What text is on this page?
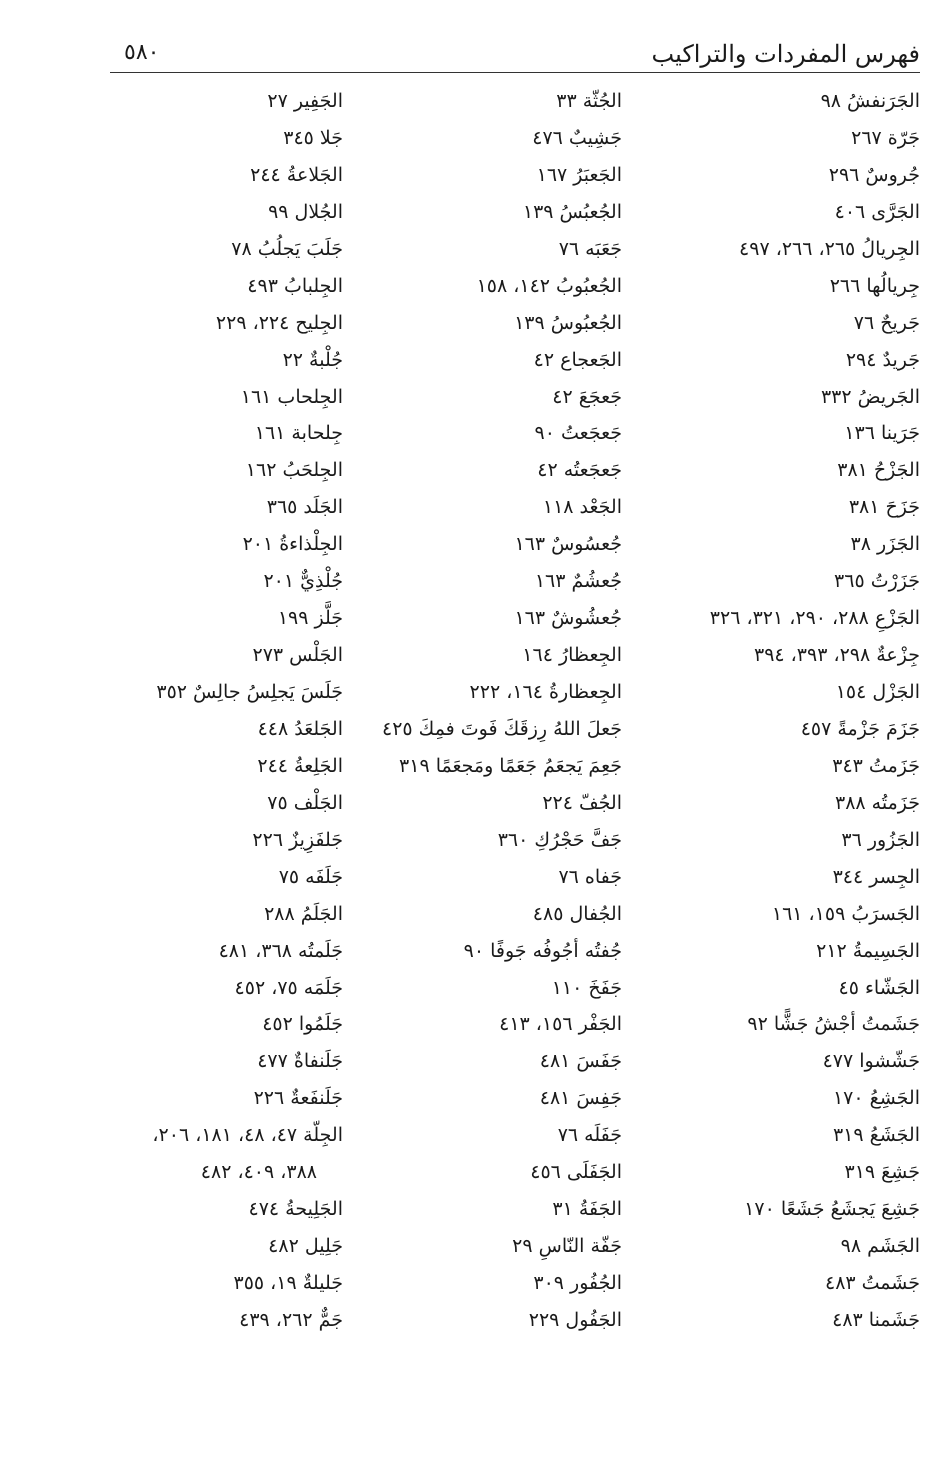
فهرس المفردات والتراكيب
٥٨٠
الجَرَنفشُ ٩٨
جَرّة ٢٦٧
جُروسٌ ٢٩٦
الجَرَّى ٤٠٦
الجِريالُ ٢٦٥، ٢٦٦، ٤٩٧
جِريالُها ٢٦٦
جَريحٌ ٧٦
جَريدٌ ٢٩٤
الجَريضُ ٣٣٢
جَرَينا ١٣٦
الجَزْحُ ٣٨١
جَزَحَ ٣٨١
الجَزَر ٣٨
جَزَرْتُ ٣٦٥
الجَزْعِ ٢٨٨، ٢٩٠، ٣٢١، ٣٢٦
جِزْعةٌ ٢٩٨، ٣٩٣، ٣٩٤
الجَزْل ١٥٤
جَزَمَ جَزْمةً ٤٥٧
جَزَمتُ ٣٤٣
جَزَمتُه ٣٨٨
الجَزُور ٣٦
الجِسر ٣٤٤
الجَسرَبُ ١٥٩، ١٦١
الجَسِيمةُ ٢١٢
الجَشّاء ٤٥
جَشَمتُ أجْشُ جَشًّا ٩٢
جَشّشوا ٤٧٧
الجَشِعُ ١٧٠
الجَشَعُ ٣١٩
جَشِعَ ٣١٩
جَشِعَ يَجشَعُ جَشَعًا ١٧٠
الجَشَم ٩٨
جَشَمتُ ٤٨٣
جَشَمنا ٤٨٣
الجُثّة ٣٣
جَشِيبٌ ٤٧٦
الجَعبَرُ ١٦٧
الجُعبُسُ ١٣٩
جَعَبَه ٧٦
الجُعبُوبُ ١٤٢، ١٥٨
الجُعبُوسُ ١٣٩
الجَعجاع ٤٢
جَعجَعَ ٤٢
جَعجَعتُ ٩٠
جَعجَعتُه ٤٢
الجَعْد ١١٨
جُعسُوسٌ ١٦٣
جُعشُمٌ ١٦٣
جُعشُوشٌ ١٦٣
الجِعظارُ ١٦٤
الجِعظارةُ ١٦٤، ٢٢٢
جَعلَ اللهُ رِزقَكَ فَوتَ فمِكَ ٤٢٥
جَعِمَ يَجعَمُ جَعَمًا ومَجعَمًا ٣١٩
الجُفّ ٢٢٤
جَفَّ حَجْرُكِ ٣٦٠
جَفاه ٧٦
الجُفال ٤٨٥
جُفتُه أجُوفُه جَوفًا ٩٠
جَفَخَ ١١٠
الجَفْر ١٥٦، ٤١٣
جَفَسَ ٤٨١
جَفِسَ ٤٨١
جَفَلَه ٧٦
الجَفَلَى ٤٥٦
الجَفَةُ ٣١
جَفّة النّاسِ ٢٩
الجُفُور ٣٠٩
الجَفُول ٢٢٩
الجَفِير ٢٧
جَلا ٣٤٥
الجَلاعةُ ٢٤٤
الجُلال ٩٩
جَلَبَ يَجلُبُ ٧٨
الجِلبابُ ٤٩٣
الجِليح ٢٢٤، ٢٢٩
جُلْبةٌ ٢٢
الجِلحاب ١٦١
جِلحابة ١٦١
الجِلحَبُ ١٦٢
الجَلَد ٣٦٥
الجِلْذاءةُ ٢٠١
جُلْذِيٌّ ٢٠١
جَلَّز ١٩٩
الجَلْس ٢٧٣
جَلَسَ يَجلِسُ جالِسٌ ٣٥٢
الجَلعَدُ ٤٤٨
الجَلِعةُ ٢٤٤
الجَلْف ٧٥
جَلفَزِيزٌ ٢٢٦
جَلَفَه ٧٥
الجَلَمُ ٢٨٨
جَلَمتُه ٣٦٨، ٤٨١
جَلَمَه ٧٥، ٤٥٢
جَلَمُوا ٤٥٢
جَلَنفاةٌ ٤٧٧
جَلَنفَعةٌ ٢٢٦
الجِلّة ٤٧، ٤٨، ١٨١، ٢٠٦،
٣٨٨، ٤٠٩، ٤٨٢
الجَلِيحةُ ٤٧٤
جَلِيل ٤٨٢
جَليلةٌ ١٩، ٣٥٥
جَمٌّ ٢٦٢، ٤٣٩
